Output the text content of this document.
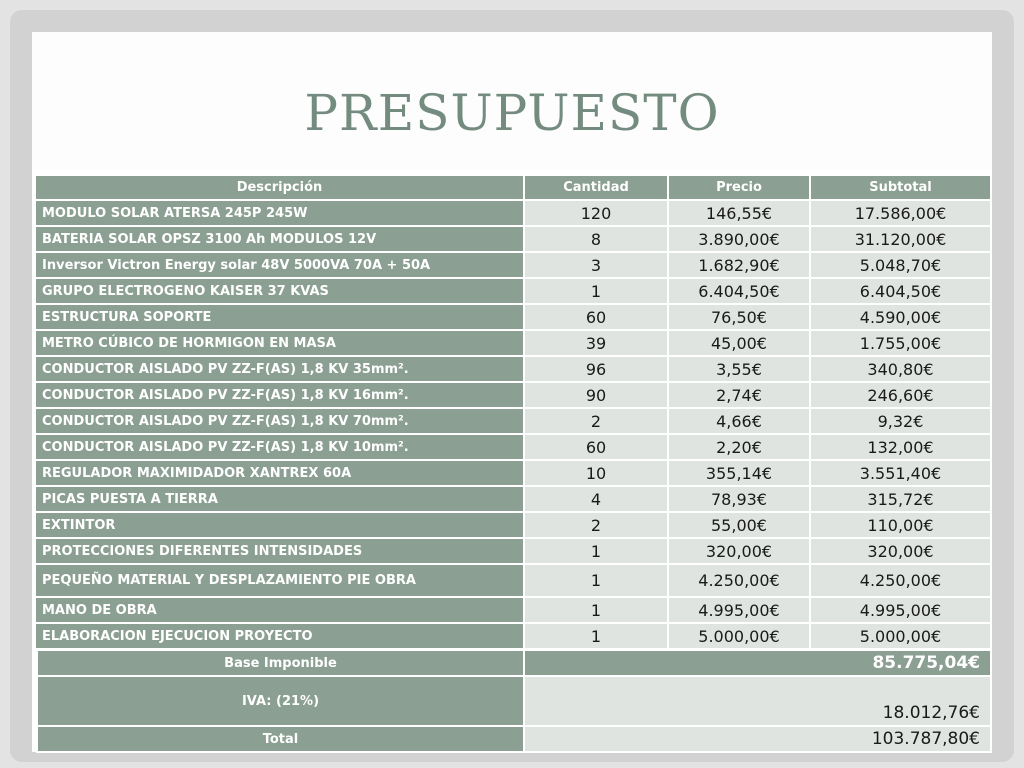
PRESUPUESTO
Descripción	Cantidad	Precio	Subtotal
MODULO SOLAR ATERSA 245P 245W	120	146,55€	17.586,00€
BATERIA SOLAR OPSZ 3100 Ah MODULOS 12V	8	3.890,00€	31.120,00€
Inversor Victron Energy solar 48V 5000VA 70A + 50A	3	1.682,90€	5.048,70€
GRUPO ELECTROGENO KAISER 37 KVAS	1	6.404,50€	6.404,50€
ESTRUCTURA SOPORTE	60	76,50€	4.590,00€
METRO CÚBICO DE HORMIGON EN MASA	39	45,00€	1.755,00€
CONDUCTOR AISLADO PV ZZ-F(AS) 1,8 KV 35mm².	96	3,55€	340,80€
CONDUCTOR AISLADO PV ZZ-F(AS) 1,8 KV 16mm².	90	2,74€	246,60€
CONDUCTOR AISLADO PV ZZ-F(AS) 1,8 KV 70mm².	2	4,66€	9,32€
CONDUCTOR AISLADO PV ZZ-F(AS) 1,8 KV 10mm².	60	2,20€	132,00€
REGULADOR MAXIMIDADOR XANTREX 60A	10	355,14€	3.551,40€
PICAS PUESTA A TIERRA	4	78,93€	315,72€
EXTINTOR	2	55,00€	110,00€
PROTECCIONES DIFERENTES INTENSIDADES	1	320,00€	320,00€
PEQUEÑO MATERIAL Y DESPLAZAMIENTO PIE OBRA	1	4.250,00€	4.250,00€
MANO DE OBRA	1	4.995,00€	4.995,00€
ELABORACION EJECUCION PROYECTO	1	5.000,00€	5.000,00€
Base Imponible	85.775,04€
IVA: (21%)	18.012,76€
Total	103.787,80€
